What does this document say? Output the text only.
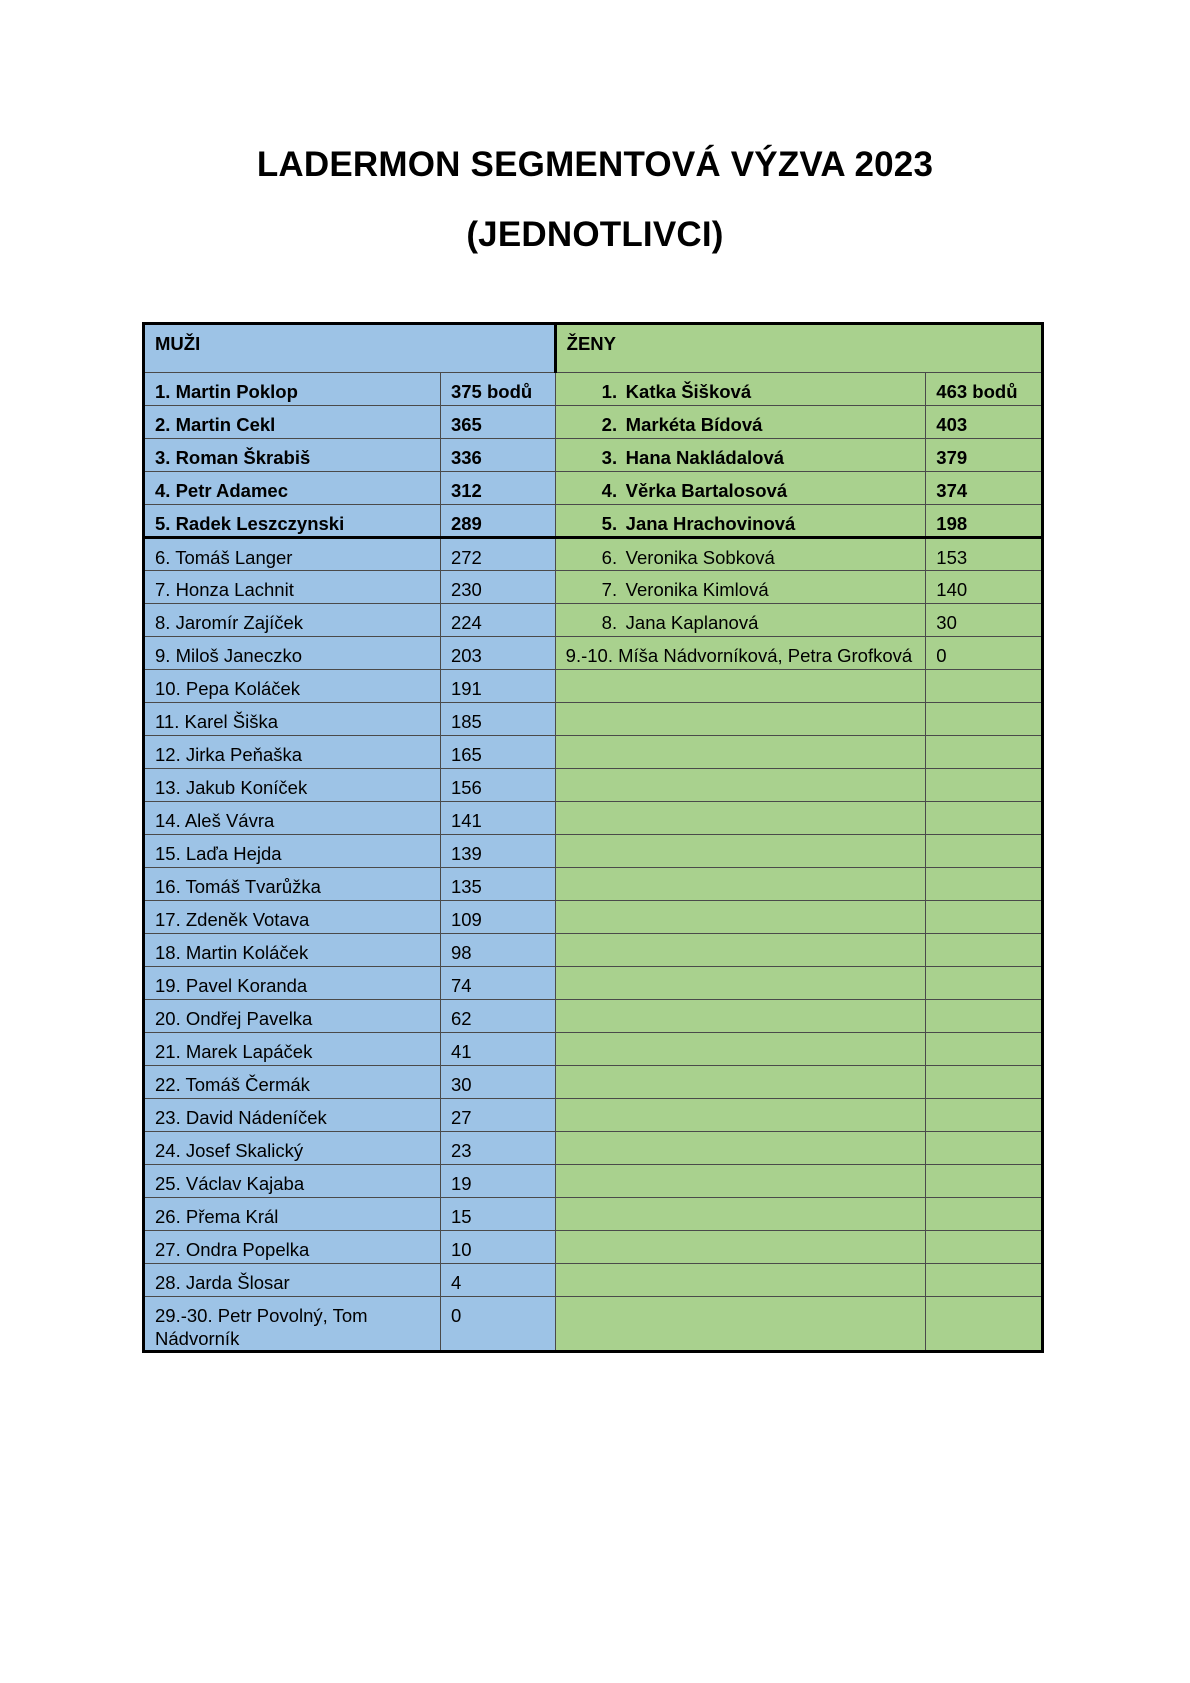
LADERMON SEGMENTOVÁ VÝZVA 2023
(JEDNOTLIVCI)
MUŽI		ŽENY	
1. Martin Poklop	375 bodů	1. Katka Šišková	463 bodů
2. Martin Cekl	365	2. Markéta Bídová	403
3. Roman Škrabiš	336	3. Hana Nakládalová	379
4. Petr Adamec	312	4. Věrka Bartalosová	374
5. Radek Leszczynski	289	5. Jana Hrachovinová	198
6. Tomáš Langer	272	6. Veronika Sobková	153
7. Honza Lachnit	230	7. Veronika Kimlová	140
8. Jaromír Zajíček	224	8. Jana Kaplanová	30
9. Miloš Janeczko	203	9.-10. Míša Nádvorníková, Petra Grofková	0
10. Pepa Koláček	191		
11. Karel Šiška	185		
12. Jirka Peňaška	165		
13. Jakub Koníček	156		
14. Aleš Vávra	141		
15. Laďa Hejda	139		
16. Tomáš Tvarůžka	135		
17. Zdeněk Votava	109		
18. Martin Koláček	98		
19. Pavel Koranda	74		
20. Ondřej Pavelka	62		
21. Marek Lapáček	41		
22. Tomáš Čermák	30		
23. David Nádeníček	27		
24. Josef Skalický	23		
25. Václav Kajaba	19		
26. Přema Král	15		
27. Ondra Popelka	10		
28. Jarda Šlosar	4		
29.-30. Petr Povolný, Tom Nádvorník	0		
